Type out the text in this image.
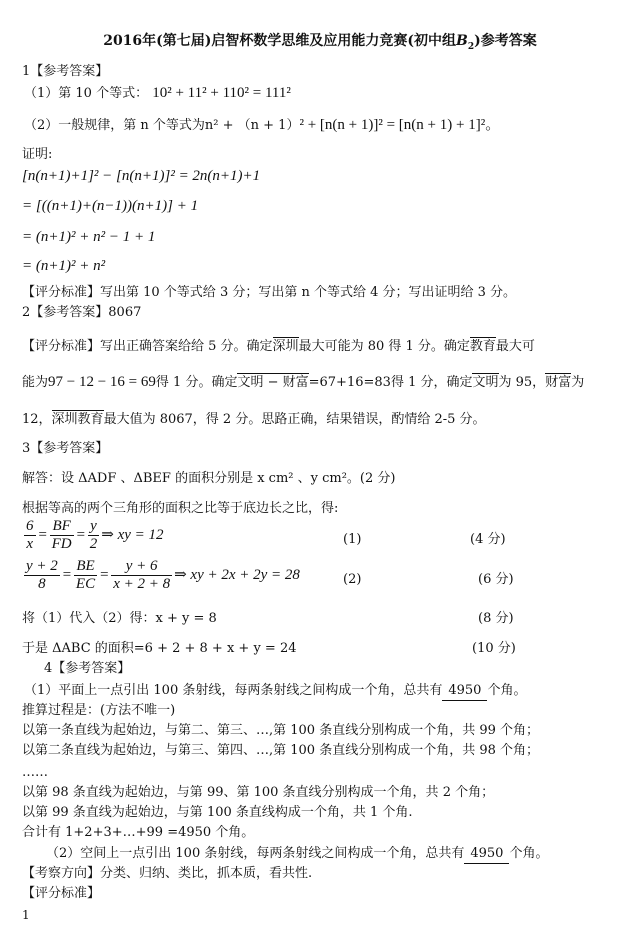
2016年(第七届)启智杯数学思维及应用能力竞赛(初中组$B_2$)参考答案
1【参考答案】
（1）第 10 个等式： 10² + 11² + 110² = 111²
（2）一般规律，第 n 个等式为n² + （n + 1）² + [n(n + 1)]² = [n(n + 1) + 1]²。
证明:
[n(n+1)+1]² − [n(n+1)]² = 2n(n+1)+1
= [((n+1)+(n−1))(n+1)] + 1
= (n+1)² + n² − 1 + 1
= (n+1)² + n²
【评分标准】写出第 10 个等式给 3 分；写出第 n 个等式给 4 分；写出证明给 3 分。
2【参考答案】8067
【评分标准】写出正确答案给给 5 分。确定深圳最大可能为 80 得 1 分。确定教育最大可
能为97 − 12 − 16 = 69得 1 分。确定文明 − 财富=67+16=83得 1 分，确定文明为 95，财富为
12，深圳教育最大值为 8067，得 2 分。思路正确，结果错误，酌情给 2-5 分。
3【参考答案】
解答：设 ΔADF 、ΔBEF 的面积分别是 x cm² 、y cm²。(2 分)
根据等高的两个三角形的面积之比等于底边长之比，得:
$\frac{6}{x} = \frac{BF}{FD} = \frac{y}{2}$ ⇒ xy = 12	(1)	(4 分)
$\frac{y + 2}{8} = \frac{BE}{EC} = \frac{y + 6}{x + 2 + 8}$ ⇒ xy + 2x + 2y = 28	(2)	(6 分)
将（1）代入（2）得：x + y = 8	(8 分)
于是 ΔABC 的面积=6 + 2 + 8 + x + y = 24	(10 分)
4【参考答案】
（1）平面上一点引出 100 条射线，每两条射线之间构成一个角，总共有 4950 个角。
推算过程是：(方法不唯一)
以第一条直线为起始边，与第二、第三、…,第 100 条直线分别构成一个角，共 99 个角；
以第二条直线为起始边，与第三、第四、…,第 100 条直线分别构成一个角，共 98 个角；
……
以第 98 条直线为起始边，与第 99、第 100 条直线分别构成一个角，共 2 个角；
以第 99 条直线为起始边，与第 100 条直线构成一个角，共 1 个角.
合计有 1+2+3+…+99 =4950 个角。
（2）空间上一点引出 100 条射线，每两条射线之间构成一个角，总共有 4950 个角。
【考察方向】分类、归纳、类比，抓本质，看共性.
【评分标准】
1
